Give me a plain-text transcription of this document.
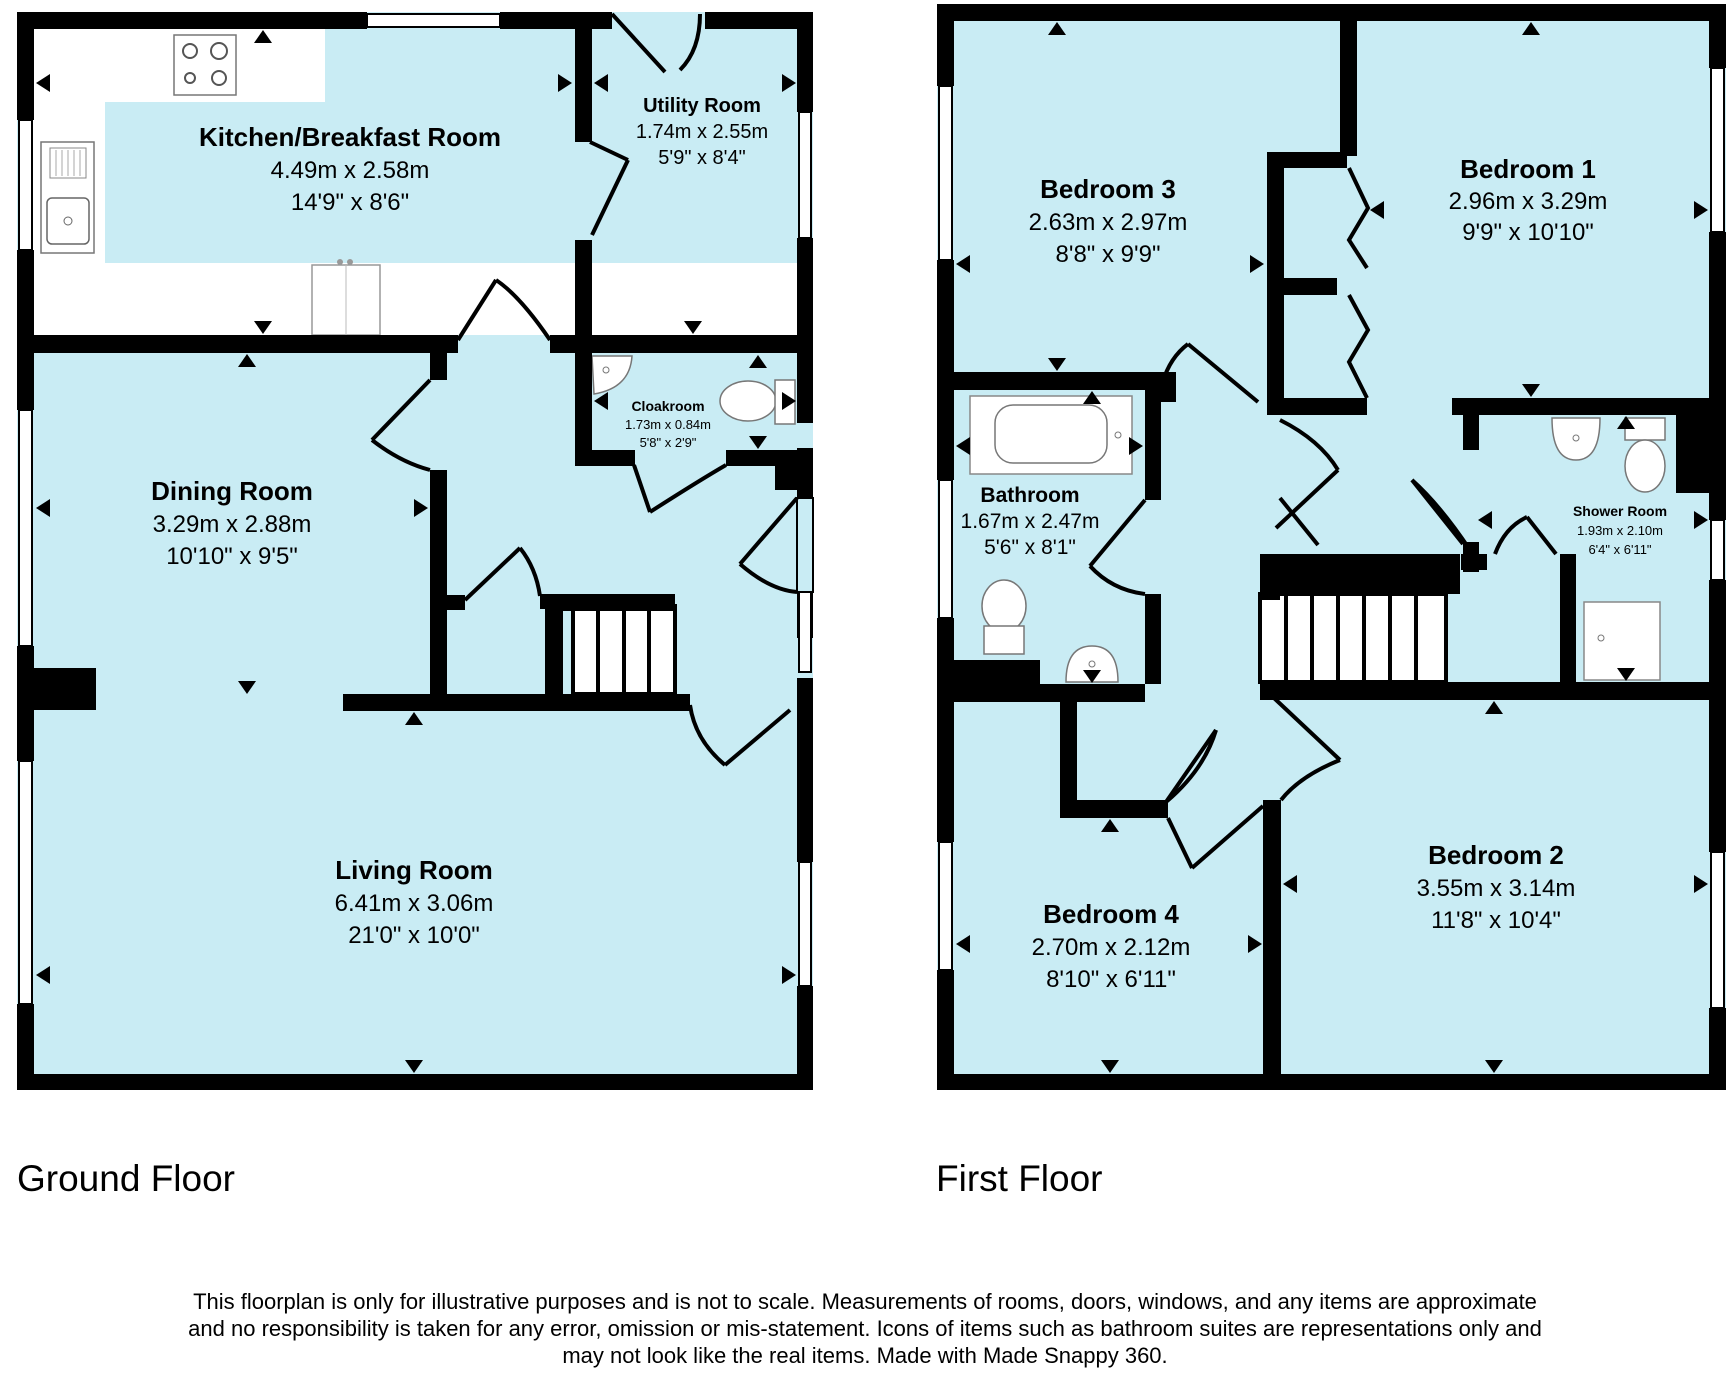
Kitchen/Breakfast Room
4.49m x 2.58m
14'9" x 8'6"
Utility Room
1.74m x 2.55m
5'9" x 8'4"
Cloakroom
1.73m x 0.84m
5'8" x 2'9"
Dining Room
3.29m x 2.88m
10'10" x 9'5"
Living Room
6.41m x 3.06m
21'0" x 10'0"
Bedroom 3
2.63m x 2.97m
8'8" x 9'9"
Bedroom 1
2.96m x 3.29m
9'9" x 10'10"
Bathroom
1.67m x 2.47m
5'6" x 8'1"
Shower Room
1.93m x 2.10m
6'4" x 6'11"
Bedroom 4
2.70m x 2.12m
8'10" x 6'11"
Bedroom 2
3.55m x 3.14m
11'8" x 10'4"
Ground Floor	First Floor
This floorplan is only for illustrative purposes and is not to scale. Measurements of rooms, doors, windows, and any items are approximate
and no responsibility is taken for any error, omission or mis-statement. Icons of items such as bathroom suites are representations only and
may not look like the real items. Made with Made Snappy 360.
